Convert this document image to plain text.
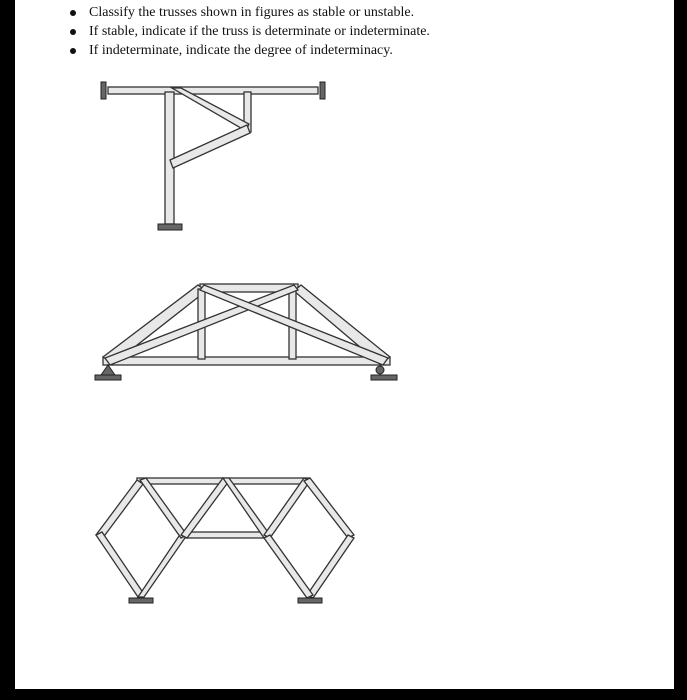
Classify the trusses shown in figures as stable or unstable.
If stable, indicate if the truss is determinate or indeterminate.
If indeterminate, indicate the degree of indeterminacy.
